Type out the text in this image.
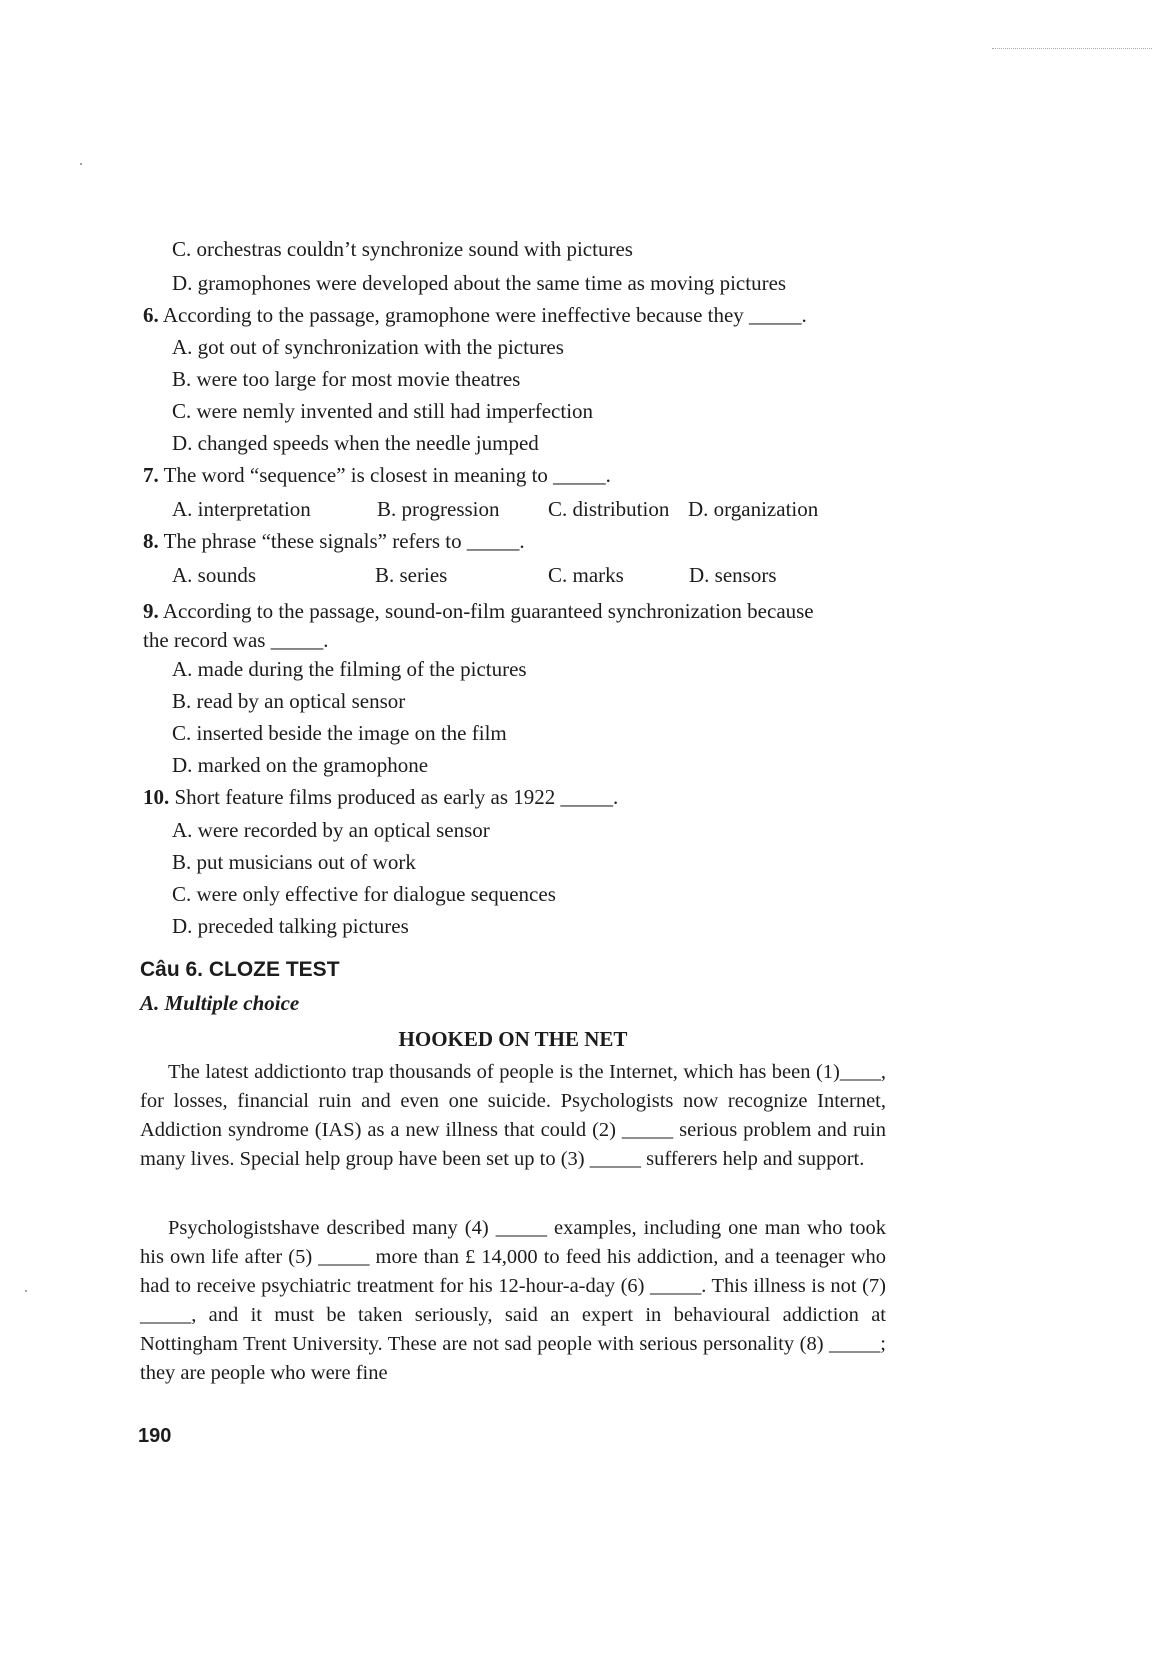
C. orchestras couldn’t synchronize sound with pictures
D. gramophones were developed about the same time as moving pictures
6. According to the passage, gramophone were ineffective because they _____.
A. got out of synchronization with the pictures
B. were too large for most movie theatres
C. were nemly invented and still had imperfection
D. changed speeds when the needle jumped
7. The word “sequence” is closest in meaning to _____.
A. interpretation	B. progression C. distribution D. organization
8. The phrase “these signals” refers to _____.
A. sounds	B. series	C. marks	D. sensors
9. According to the passage, sound-on-film guaranteed synchronization because
the record was _____.
A. made during the filming of the pictures
B. read by an optical sensor
C. inserted beside the image on the film
D. marked on the gramophone
10. Short feature films produced as early as 1922 _____.
A. were recorded by an optical sensor
B. put musicians out of work
C. were only effective for dialogue sequences
D. preceded talking pictures
Câu 6. CLOZE TEST
A. Multiple choice
HOOKED ON THE NET
The latest addictionto trap thousands of people is the Internet, which has been (1)____, for losses, financial ruin and even one suicide. Psychologists now recognize Internet, Addiction syndrome (IAS) as a new illness that could (2) _____ serious problem and ruin many lives. Special help group have been set up to (3) _____ sufferers help and support.
Psychologistshave described many (4) _____ examples, including one man who took his own life after (5) _____ more than £ 14,000 to feed his addiction, and a teenager who had to receive psychiatric treatment for his 12-hour-a-day (6) _____. This illness is not (7) _____, and it must be taken seriously, said an expert in behavioural addiction at Nottingham Trent University. These are not sad people with serious personality (8) _____; they are people who were fine
190
